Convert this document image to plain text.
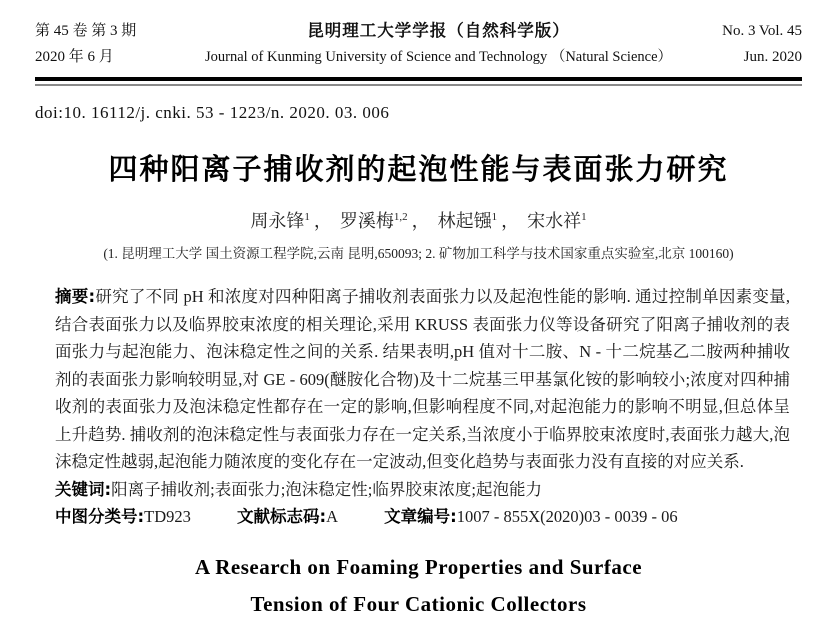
第 45 卷 第 3 期
2020 年 6 月
昆明理工大学学报（自然科学版）
Journal of Kunming University of Science and Technology （Natural Science）
No. 3 Vol. 45
Jun. 2020
doi:10. 16112/j. cnki. 53 - 1223/n. 2020. 03. 006
四种阳离子捕收剂的起泡性能与表面张力研究
周永锋$^1$ ， 罗溪梅$^{1,2}$ ， 林起镪$^1$ ， 宋水祥$^1$
(1. 昆明理工大学 国土资源工程学院,云南 昆明,650093; 2. 矿物加工科学与技术国家重点实验室,北京 100160)
摘要:研究了不同 pH 和浓度对四种阳离子捕收剂表面张力以及起泡性能的影响. 通过控制单因素变量,结合表面张力以及临界胶束浓度的相关理论,采用 KRUSS 表面张力仪等设备研究了阳离子捕收剂的表面张力与起泡能力、泡沫稳定性之间的关系. 结果表明,pH 值对十二胺、N - 十二烷基乙二胺两种捕收剂的表面张力影响较明显,对 GE - 609(醚胺化合物)及十二烷基三甲基氯化铵的影响较小;浓度对四种捕收剂的表面张力及泡沫稳定性都存在一定的影响,但影响程度不同,对起泡能力的影响不明显,但总体呈上升趋势. 捕收剂的泡沫稳定性与表面张力存在一定关系,当浓度小于临界胶束浓度时,表面张力越大,泡沫稳定性越弱,起泡能力随浓度的变化存在一定波动,但变化趋势与表面张力没有直接的对应关系.
关键词:阳离子捕收剂;表面张力;泡沫稳定性;临界胶束浓度;起泡能力
中图分类号:TD923	文献标志码:A	文章编号:1007 - 855X(2020)03 - 0039 - 06
A Research on Foaming Properties and Surface
Tension of Four Cationic Collectors
